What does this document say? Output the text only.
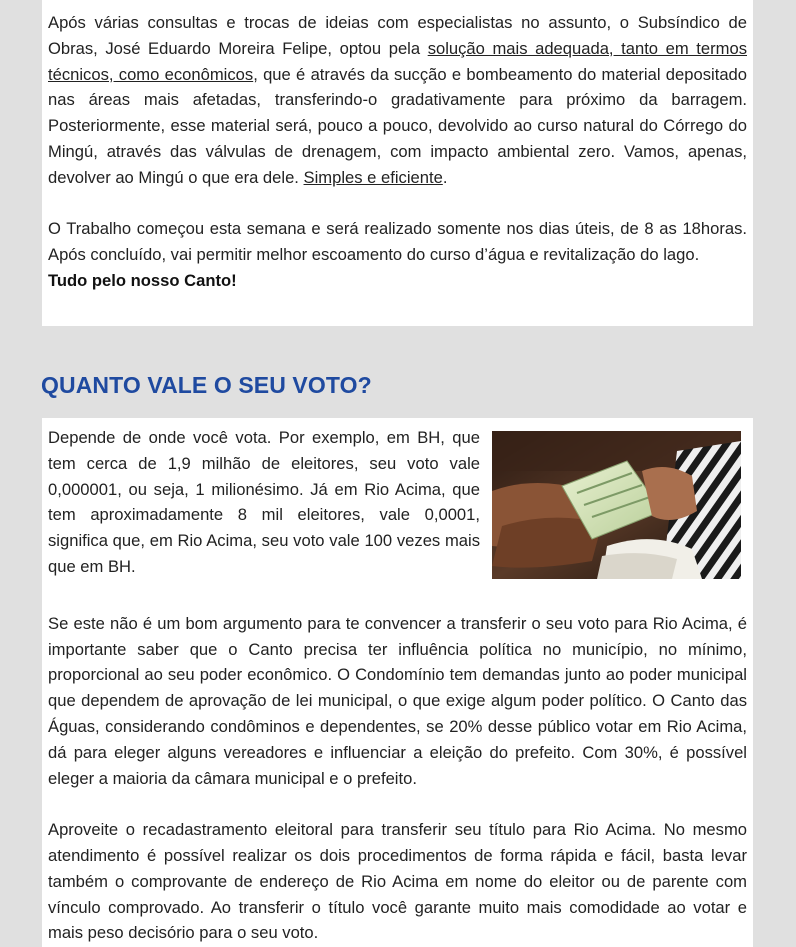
Após várias consultas e trocas de ideias com especialistas no assunto, o Subsíndico de Obras, José Eduardo Moreira Felipe, optou pela solução mais adequada, tanto em termos técnicos, como econômicos, que é através da sucção e bombeamento do material depositado nas áreas mais afetadas, transferindo-o gradativamente para próximo da barragem. Posteriormente, esse material será, pouco a pouco, devolvido ao curso natural do Córrego do Mingú, através das válvulas de drenagem, com impacto ambiental zero. Vamos, apenas, devolver ao Mingú o que era dele. Simples e eficiente.

O Trabalho começou esta semana e será realizado somente nos dias úteis, de 8 as 18horas. Após concluído, vai permitir melhor escoamento do curso d’água e revitalização do lago.

Tudo pelo nosso Canto!

QUANTO VALE O SEU VOTO?

Depende de onde você vota. Por exemplo, em BH, que tem cerca de 1,9 milhão de eleitores, seu voto vale 0,000001, ou seja, 1 milionésimo. Já em Rio Acima, que tem aproximadamente 8 mil eleitores, vale 0,0001, significa que, em Rio Acima, seu voto vale 100 vezes mais que em BH.

Se este não é um bom argumento para te convencer a transferir o seu voto para Rio Acima, é importante saber que o Canto precisa ter influência política no município, no mínimo, proporcional ao seu poder econômico. O Condomínio tem demandas junto ao poder municipal que dependem de aprovação de lei municipal, o que exige algum poder político. O Canto das Águas, considerando condôminos e dependentes, se 20% desse público votar em Rio Acima, dá para eleger alguns vereadores e influenciar a eleição do prefeito. Com 30%, é possível eleger a maioria da câmara municipal e o prefeito.

Aproveite o recadastramento eleitoral para transferir seu título para Rio Acima. No mesmo atendimento é possível realizar os dois procedimentos de forma rápida e fácil, basta levar também o comprovante de endereço de Rio Acima em nome do eleitor ou de parente com vínculo comprovado. Ao transferir o título você garante muito mais comodidade ao votar e mais peso decisório para o seu voto.
